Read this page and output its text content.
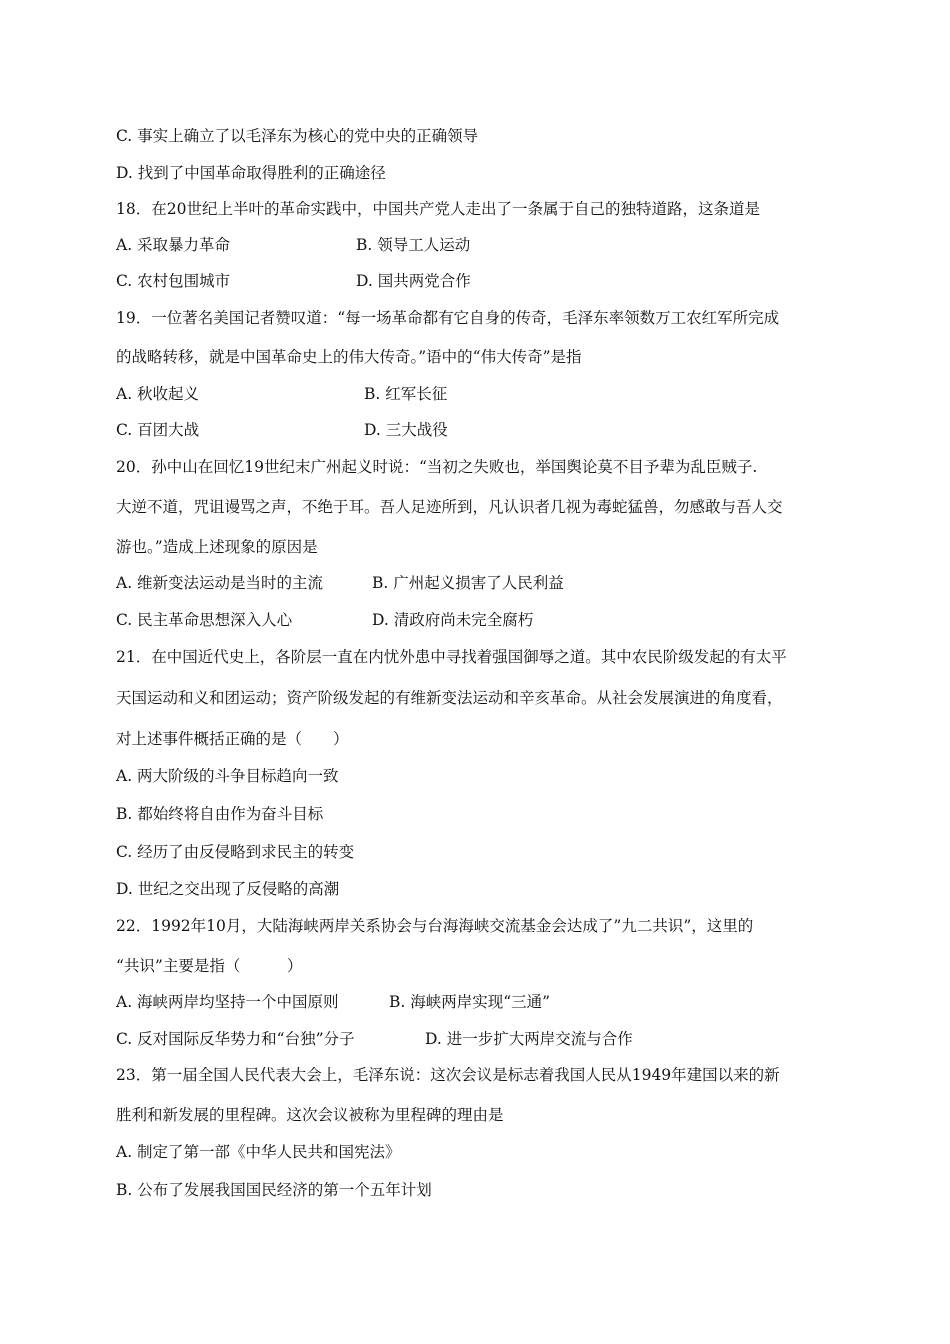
C. 事实上确立了以毛泽东为核心的党中央的正确领导

D. 找到了中国革命取得胜利的正确途径

18．在20世纪上半叶的革命实践中，中国共产党人走出了一条属于自己的独特道路，这条道是

A. 采取暴力革命	B. 领导工人运动
C. 农村包围城市	D. 国共两党合作

19．一位著名美国记者赞叹道：“每一场革命都有它自身的传奇，毛泽东率领数万工农红军所完成

的战略转移，就是中国革命史上的伟大传奇。”语中的“伟大传奇”是指

A. 秋收起义	B. 红军长征
C. 百团大战	D. 三大战役

20．孙中山在回忆19世纪末广州起义时说：“当初之失败也，举国舆论莫不目予辈为乱臣贼子.

大逆不道，咒诅谩骂之声，不绝于耳。吾人足迹所到，凡认识者几视为毒蛇猛兽，勿感敢与吾人交

游也。”造成上述现象的原因是

A. 维新变法运动是当时的主流	B. 广州起义损害了人民利益
C. 民主革命思想深入人心	D. 清政府尚未完全腐朽

21．在中国近代史上，各阶层一直在内忧外患中寻找着强国御辱之道。其中农民阶级发起的有太平

天国运动和义和团运动；资产阶级发起的有维新变法运动和辛亥革命。从社会发展演进的角度看，

对上述事件概括正确的是（　　）

A. 两大阶级的斗争目标趋向一致

B. 都始终将自由作为奋斗目标

C. 经历了由反侵略到求民主的转变

D. 世纪之交出现了反侵略的高潮

22．1992年10月，大陆海峡两岸关系协会与台海海峡交流基金会达成了”九二共识”，这里的

“共识”主要是指（　　　）

A. 海峡两岸均坚持一个中国原则	B. 海峡两岸实现“三通”
C. 反对国际反华势力和“台独”分子	D. 进一步扩大两岸交流与合作

23．第一届全国人民代表大会上，毛泽东说：这次会议是标志着我国人民从1949年建国以来的新

胜利和新发展的里程碑。这次会议被称为里程碑的理由是

A. 制定了第一部《中华人民共和国宪法》

B. 公布了发展我国国民经济的第一个五年计划
